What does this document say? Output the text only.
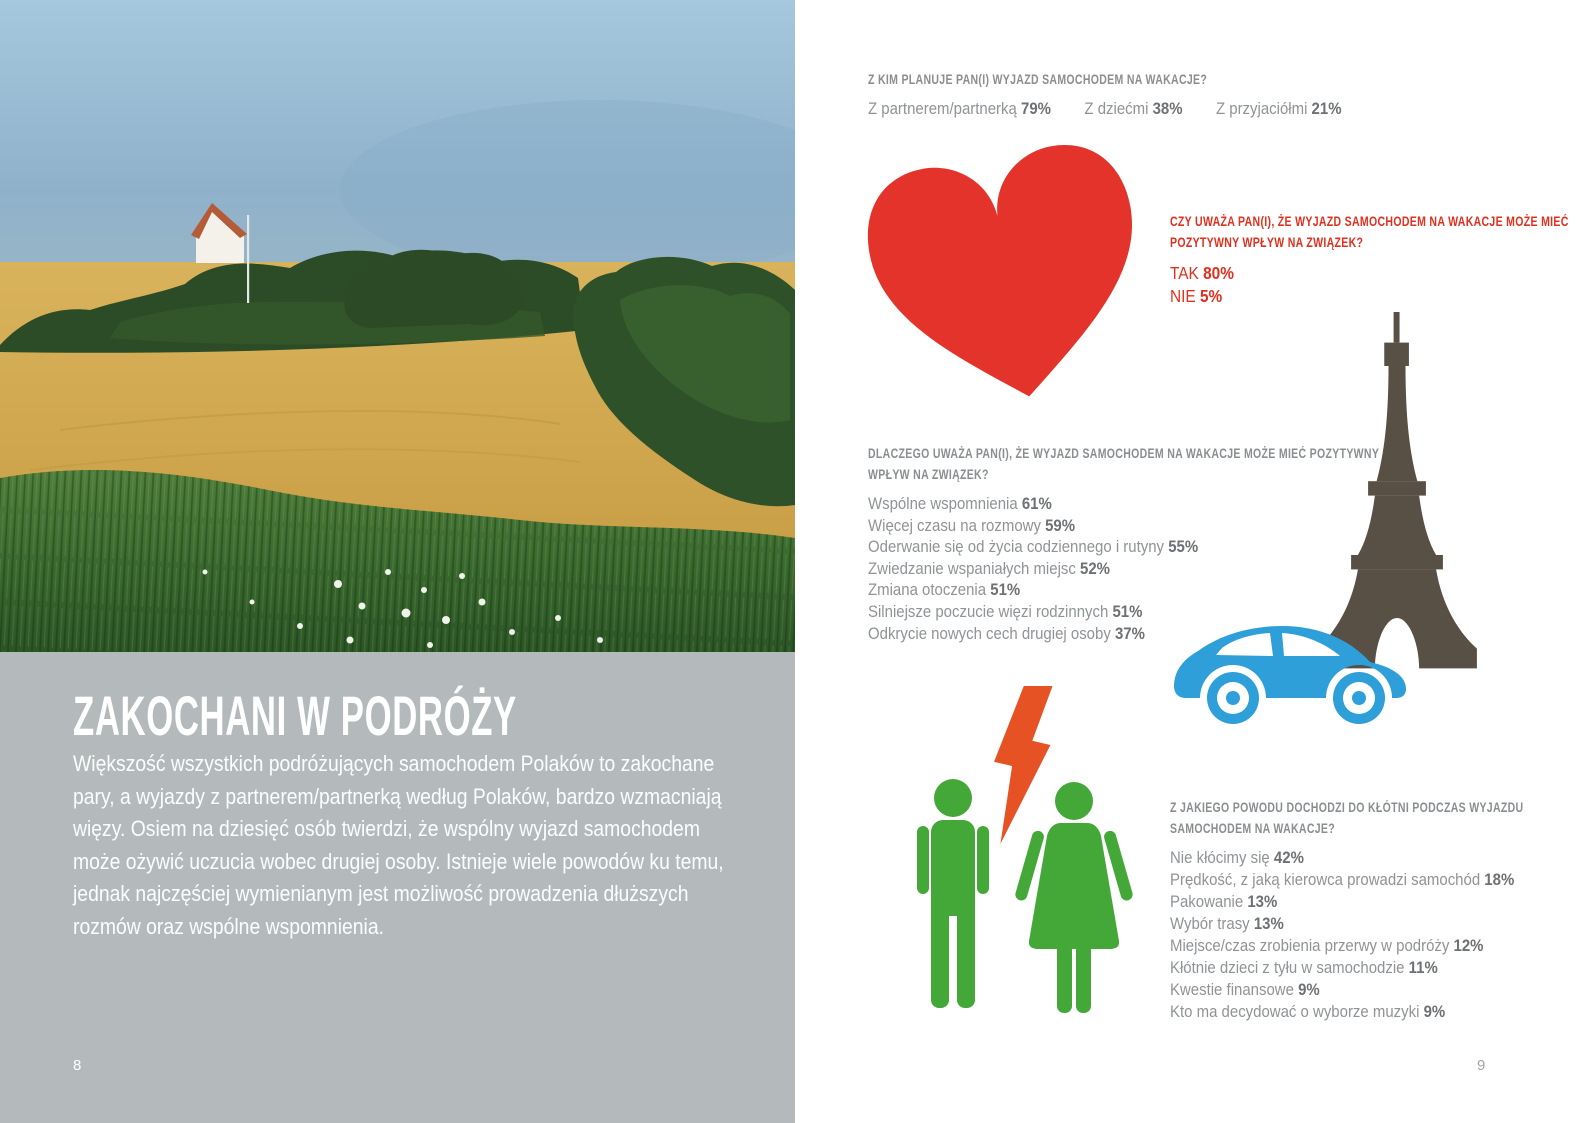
ZAKOCHANI W PODRÓŻY

Większość wszystkich podróżujących samochodem Polaków to zakochane pary, a wyjazdy z partnerem/partnerką według Polaków, bardzo wzmacniają więzy. Osiem na dziesięć osób twierdzi, że wspólny wyjazd samochodem może ożywić uczucia wobec drugiej osoby. Istnieje wiele powodów ku temu, jednak najczęściej wymienianym jest możliwość prowadzenia dłuższych rozmów oraz wspólne wspomnienia.

8	9
Z KIM PLANUJE PAN(I) WYJAZD SAMOCHODEM NA WAKACJE?
Z partnerem/partnerką 79% Z dziećmi 38% Z przyjaciółmi 21%
CZY UWAŻA PAN(I), ŻE WYJAZD SAMOCHODEM NA WAKACJE MOŻE MIEĆ
POZYTYWNY WPŁYW NA ZWIĄZEK?
TAK 80%
NIE 5%
DLACZEGO UWAŻA PAN(I), ŻE WYJAZD SAMOCHODEM NA WAKACJE MOŻE MIEĆ POZYTYWNY
WPŁYW NA ZWIĄZEK?
Wspólne wspomnienia 61%
Więcej czasu na rozmowy 59%
Oderwanie się od życia codziennego i rutyny 55%
Zwiedzanie wspaniałych miejsc 52%
Zmiana otoczenia 51%
Silniejsze poczucie więzi rodzinnych 51%
Odkrycie nowych cech drugiej osoby 37%
Z JAKIEGO POWODU DOCHODZI DO KŁÓTNI PODCZAS WYJAZDU
SAMOCHODEM NA WAKACJE?
Nie kłócimy się 42%
Prędkość, z jaką kierowca prowadzi samochód 18%
Pakowanie 13%
Wybór trasy 13%
Miejsce/czas zrobienia przerwy w podróży 12%
Kłótnie dzieci z tyłu w samochodzie 11%
Kwestie finansowe 9%
Kto ma decydować o wyborze muzyki 9%
